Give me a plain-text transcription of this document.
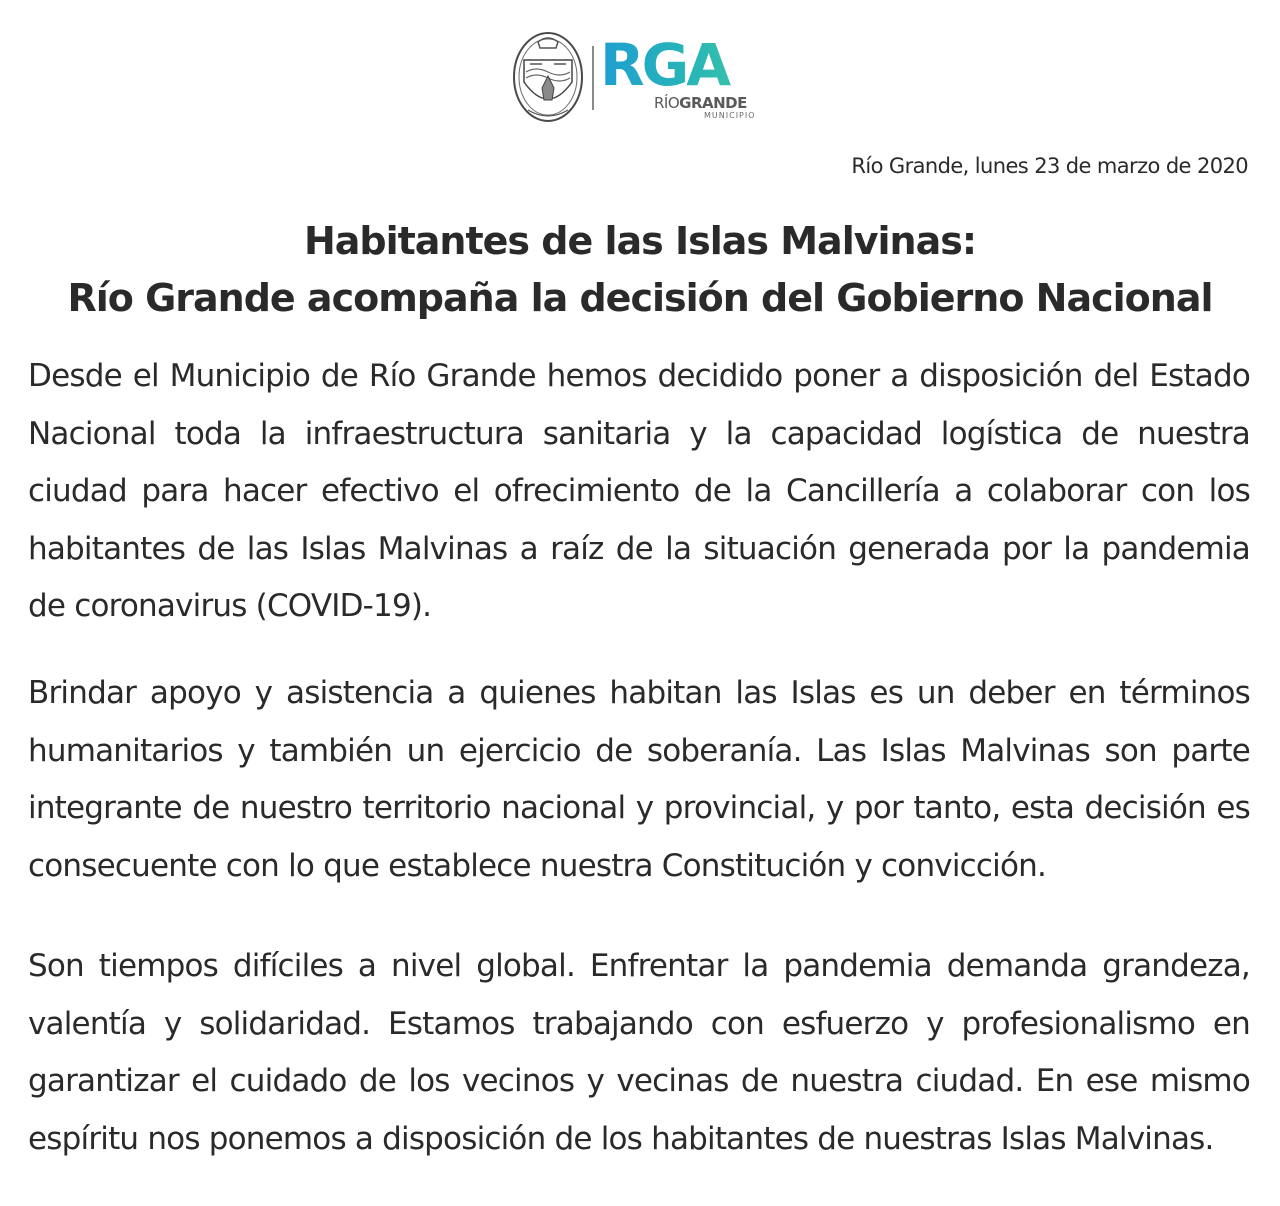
RGA
RÍOGRANDE
MUNICIPIO
Río Grande, lunes 23 de marzo de 2020
Habitantes de las Islas Malvinas:
Río Grande acompaña la decisión del Gobierno Nacional

Desde el Municipio de Río Grande hemos decidido poner a disposición del Estado Nacional toda la infraestructura sanitaria y la capacidad logística de nuestra ciudad para hacer efectivo el ofrecimiento de la Cancillería a colaborar con los habitantes de las Islas Malvinas a raíz de la situación generada por la pandemia de coronavirus (COVID-19).

Brindar apoyo y asistencia a quienes habitan las Islas es un deber en términos humanitarios y también un ejercicio de soberanía. Las Islas Malvinas son parte integrante de nuestro territorio nacional y provincial, y por tanto, esta decisión es consecuente con lo que establece nuestra Constitución y convicción.

Son tiempos difíciles a nivel global. Enfrentar la pandemia demanda grandeza, valentía y solidaridad. Estamos trabajando con esfuerzo y profesionalismo en garantizar el cuidado de los vecinos y vecinas de nuestra ciudad. En ese mismo espíritu nos ponemos a disposición de los habitantes de nuestras Islas Malvinas.
